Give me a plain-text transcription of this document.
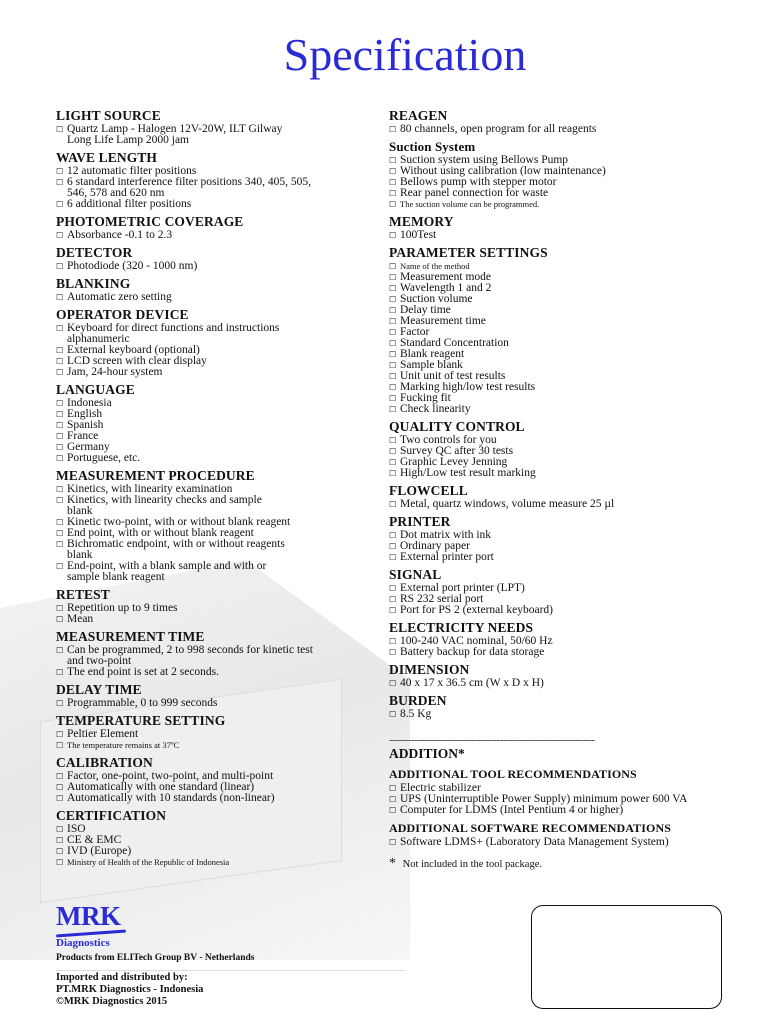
Specification
LIGHT SOURCE
☐ Quartz Lamp - Halogen 12V-20W, ILT Gilway
Long Life Lamp 2000 jam
WAVE LENGTH
☐ 12 automatic filter positions
☐ 6 standard interference filter positions 340, 405, 505,
546, 578 and 620 nm
☐ 6 additional filter positions
PHOTOMETRIC COVERAGE
☐ Absorbance -0.1 to 2.3
DETECTOR
☐ Photodiode (320 - 1000 nm)
BLANKING
☐ Automatic zero setting
OPERATOR DEVICE
☐ Keyboard for direct functions and instructions
alphanumeric
☐ External keyboard (optional)
☐ LCD screen with clear display
☐ Jam, 24-hour system
LANGUAGE
☐ Indonesia
☐ English
☐ Spanish
☐ France
☐ Germany
☐ Portuguese, etc.
MEASUREMENT PROCEDURE
☐ Kinetics, with linearity examination
☐ Kinetics, with linearity checks and sample
blank
☐ Kinetic two-point, with or without blank reagent
☐ End point, with or without blank reagent
☐ Bichromatic endpoint, with or without reagents
blank
☐ End-point, with a blank sample and with or
sample blank reagent
RETEST
☐ Repetition up to 9 times
☐ Mean
MEASUREMENT TIME
☐ Can be programmed, 2 to 998 seconds for kinetic test
and two-point
☐ The end point is set at 2 seconds.
DELAY TIME
☐ Programmable, 0 to 999 seconds
TEMPERATURE SETTING
☐ Peltier Element
☐ The temperature remains at 37ºC
CALIBRATION
☐ Factor, one-point, two-point, and multi-point
☐ Automatically with one standard (linear)
☐ Automatically with 10 standards (non-linear)
CERTIFICATION
☐ ISO
☐ CE & EMC
☐ IVD (Europe)
☐ Ministry of Health of the Republic of Indonesia
REAGEN
☐ 80 channels, open program for all reagents
Suction System
☐ Suction system using Bellows Pump
☐ Without using calibration (low maintenance)
☐ Bellows pump with stepper motor
☐ Rear panel connection for waste
☐ The suction volume can be programmed.
MEMORY
☐ 100Test
PARAMETER SETTINGS
☐ Name of the method
☐ Measurement mode
☐ Wavelength 1 and 2
☐ Suction volume
☐ Delay time
☐ Measurement time
☐ Factor
☐ Standard Concentration
☐ Blank reagent
☐ Sample blank
☐ Unit unit of test results
☐ Marking high/low test results
☐ Fucking fit
☐ Check linearity
QUALITY CONTROL
☐ Two controls for you
☐ Survey QC after 30 tests
☐ Graphic Levey Jenning
☐ High/Low test result marking
FLOWCELL
☐ Metal, quartz windows, volume measure 25 µl
PRINTER
☐ Dot matrix with ink
☐ Ordinary paper
☐ External printer port
SIGNAL
☐ External port printer (LPT)
☐ RS 232 serial port
☐ Port for PS 2 (external keyboard)
ELECTRICITY NEEDS
☐ 100-240 VAC nominal, 50/60 Hz
☐ Battery backup for data storage
DIMENSION
☐ 40 x 17 x 36.5 cm (W x D x H)
BURDEN
☐ 8.5 Kg
-----------------------------------------------------------------
ADDITION*
ADDITIONAL TOOL RECOMMENDATIONS
☐ Electric stabilizer
☐ UPS (Uninterruptible Power Supply) minimum power 600 VA
☐ Computer for LDMS (Intel Pentium 4 or higher)
ADDITIONAL SOFTWARE RECOMMENDATIONS
☐ Software LDMS+ (Laboratory Data Management System)
* Not included in the tool package.
MRK
Diagnostics
Products from ELITech Group BV - Netherlands
Imported and distributed by:
PT.MRK Diagnostics - Indonesia
©MRK Diagnostics 2015
